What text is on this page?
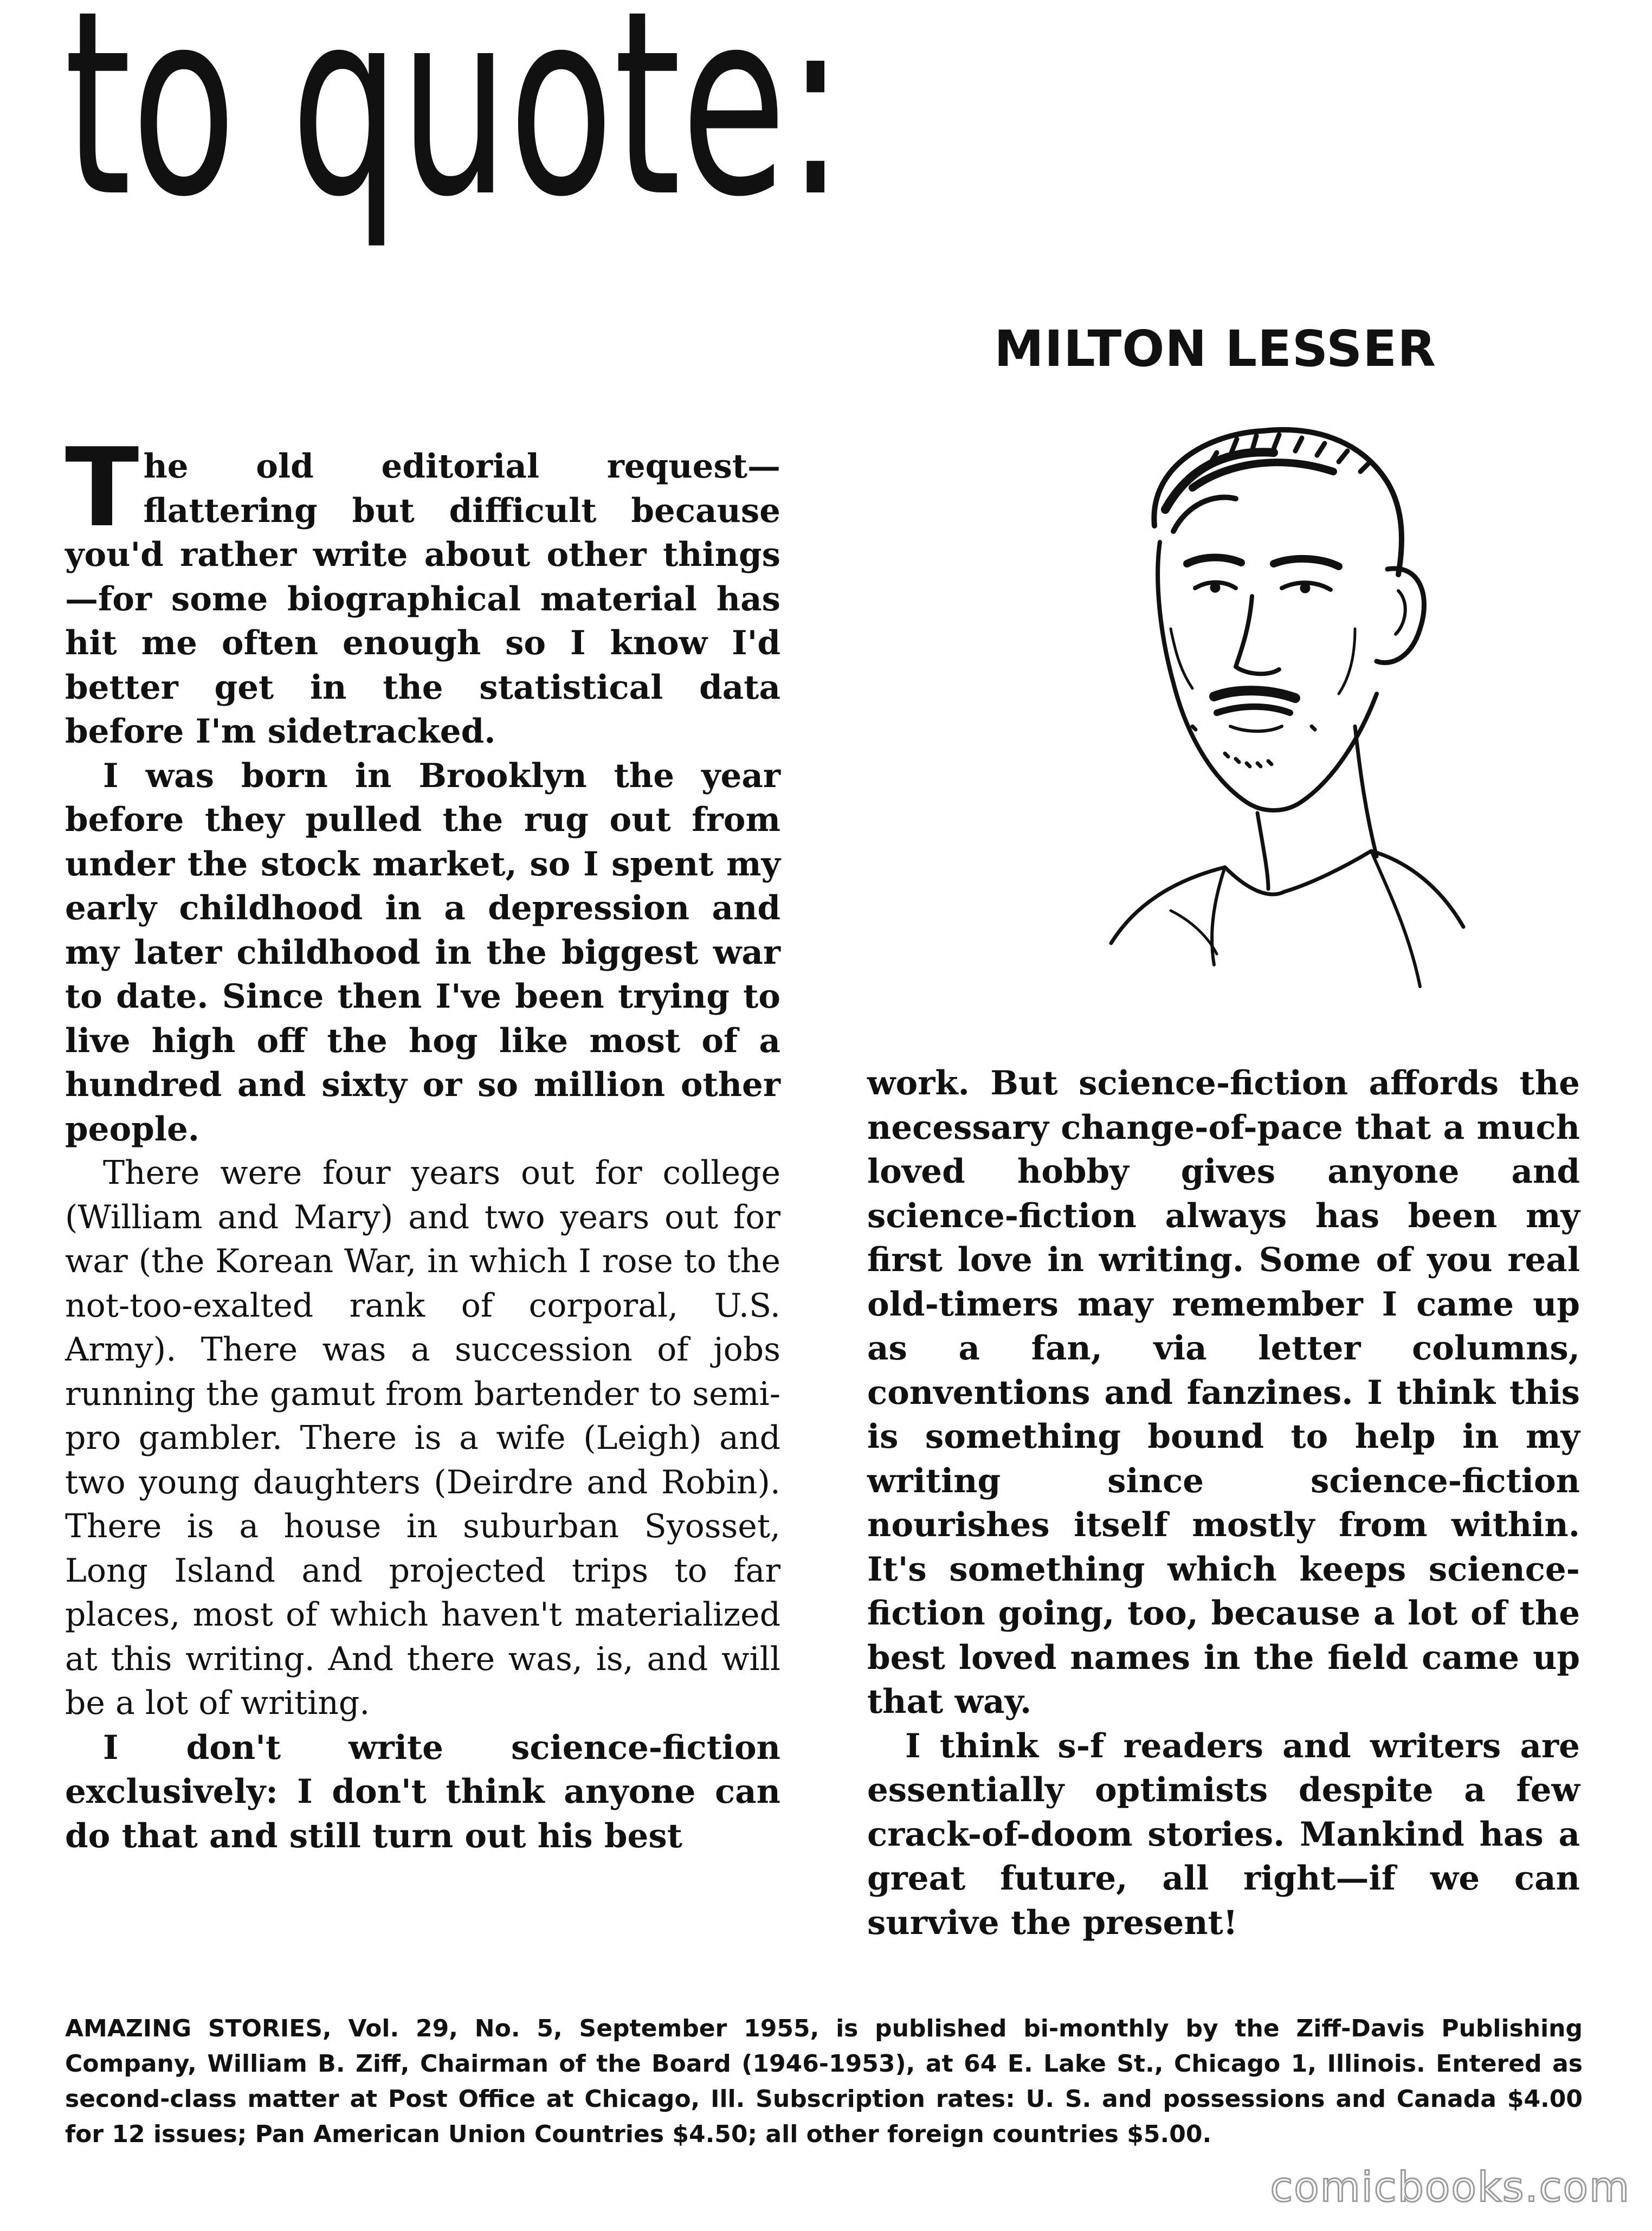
to quote:
MILTON LESSER

The old editorial request—flattering but difficult because you'd rather write about other things—for some biographical material has hit me often enough so I know I'd better get in the statistical data before I'm sidetracked.

I was born in Brooklyn the year before they pulled the rug out from under the stock market, so I spent my early childhood in a depression and my later childhood in the biggest war to date. Since then I've been trying to live high off the hog like most of a hundred and sixty or so million other people.

There were four years out for college (William and Mary) and two years out for war (the Korean War, in which I rose to the not-too-exalted rank of corporal, U.S. Army). There was a succession of jobs running the gamut from bartender to semi-pro gambler. There is a wife (Leigh) and two young daughters (Deirdre and Robin). There is a house in suburban Syosset, Long Island and projected trips to far places, most of which haven't materialized at this writing. And there was, is, and will be a lot of writing.

I don't write science-fiction exclusively: I don't think anyone can do that and still turn out his best

work. But science-fiction affords the necessary change-of-pace that a much loved hobby gives anyone and science-fiction always has been my first love in writing. Some of you real old-timers may remember I came up as a fan, via letter columns, conventions and fanzines. I think this is something bound to help in my writing since science-fiction nourishes itself mostly from within. It's something which keeps science-fiction going, too, because a lot of the best loved names in the field came up that way.

I think s-f readers and writers are essentially optimists despite a few crack-of-doom stories. Mankind has a great future, all right—if we can survive the present!

AMAZING STORIES, Vol. 29, No. 5, September 1955, is published bi-monthly by the Ziff-Davis Publishing Company, William B. Ziff, Chairman of the Board (1946-1953), at 64 E. Lake St., Chicago 1, Illinois. Entered as second-class matter at Post Office at Chicago, Ill. Subscription rates: U. S. and possessions and Canada $4.00 for 12 issues; Pan American Union Countries $4.50; all other foreign countries $5.00.

comicbooks.com
